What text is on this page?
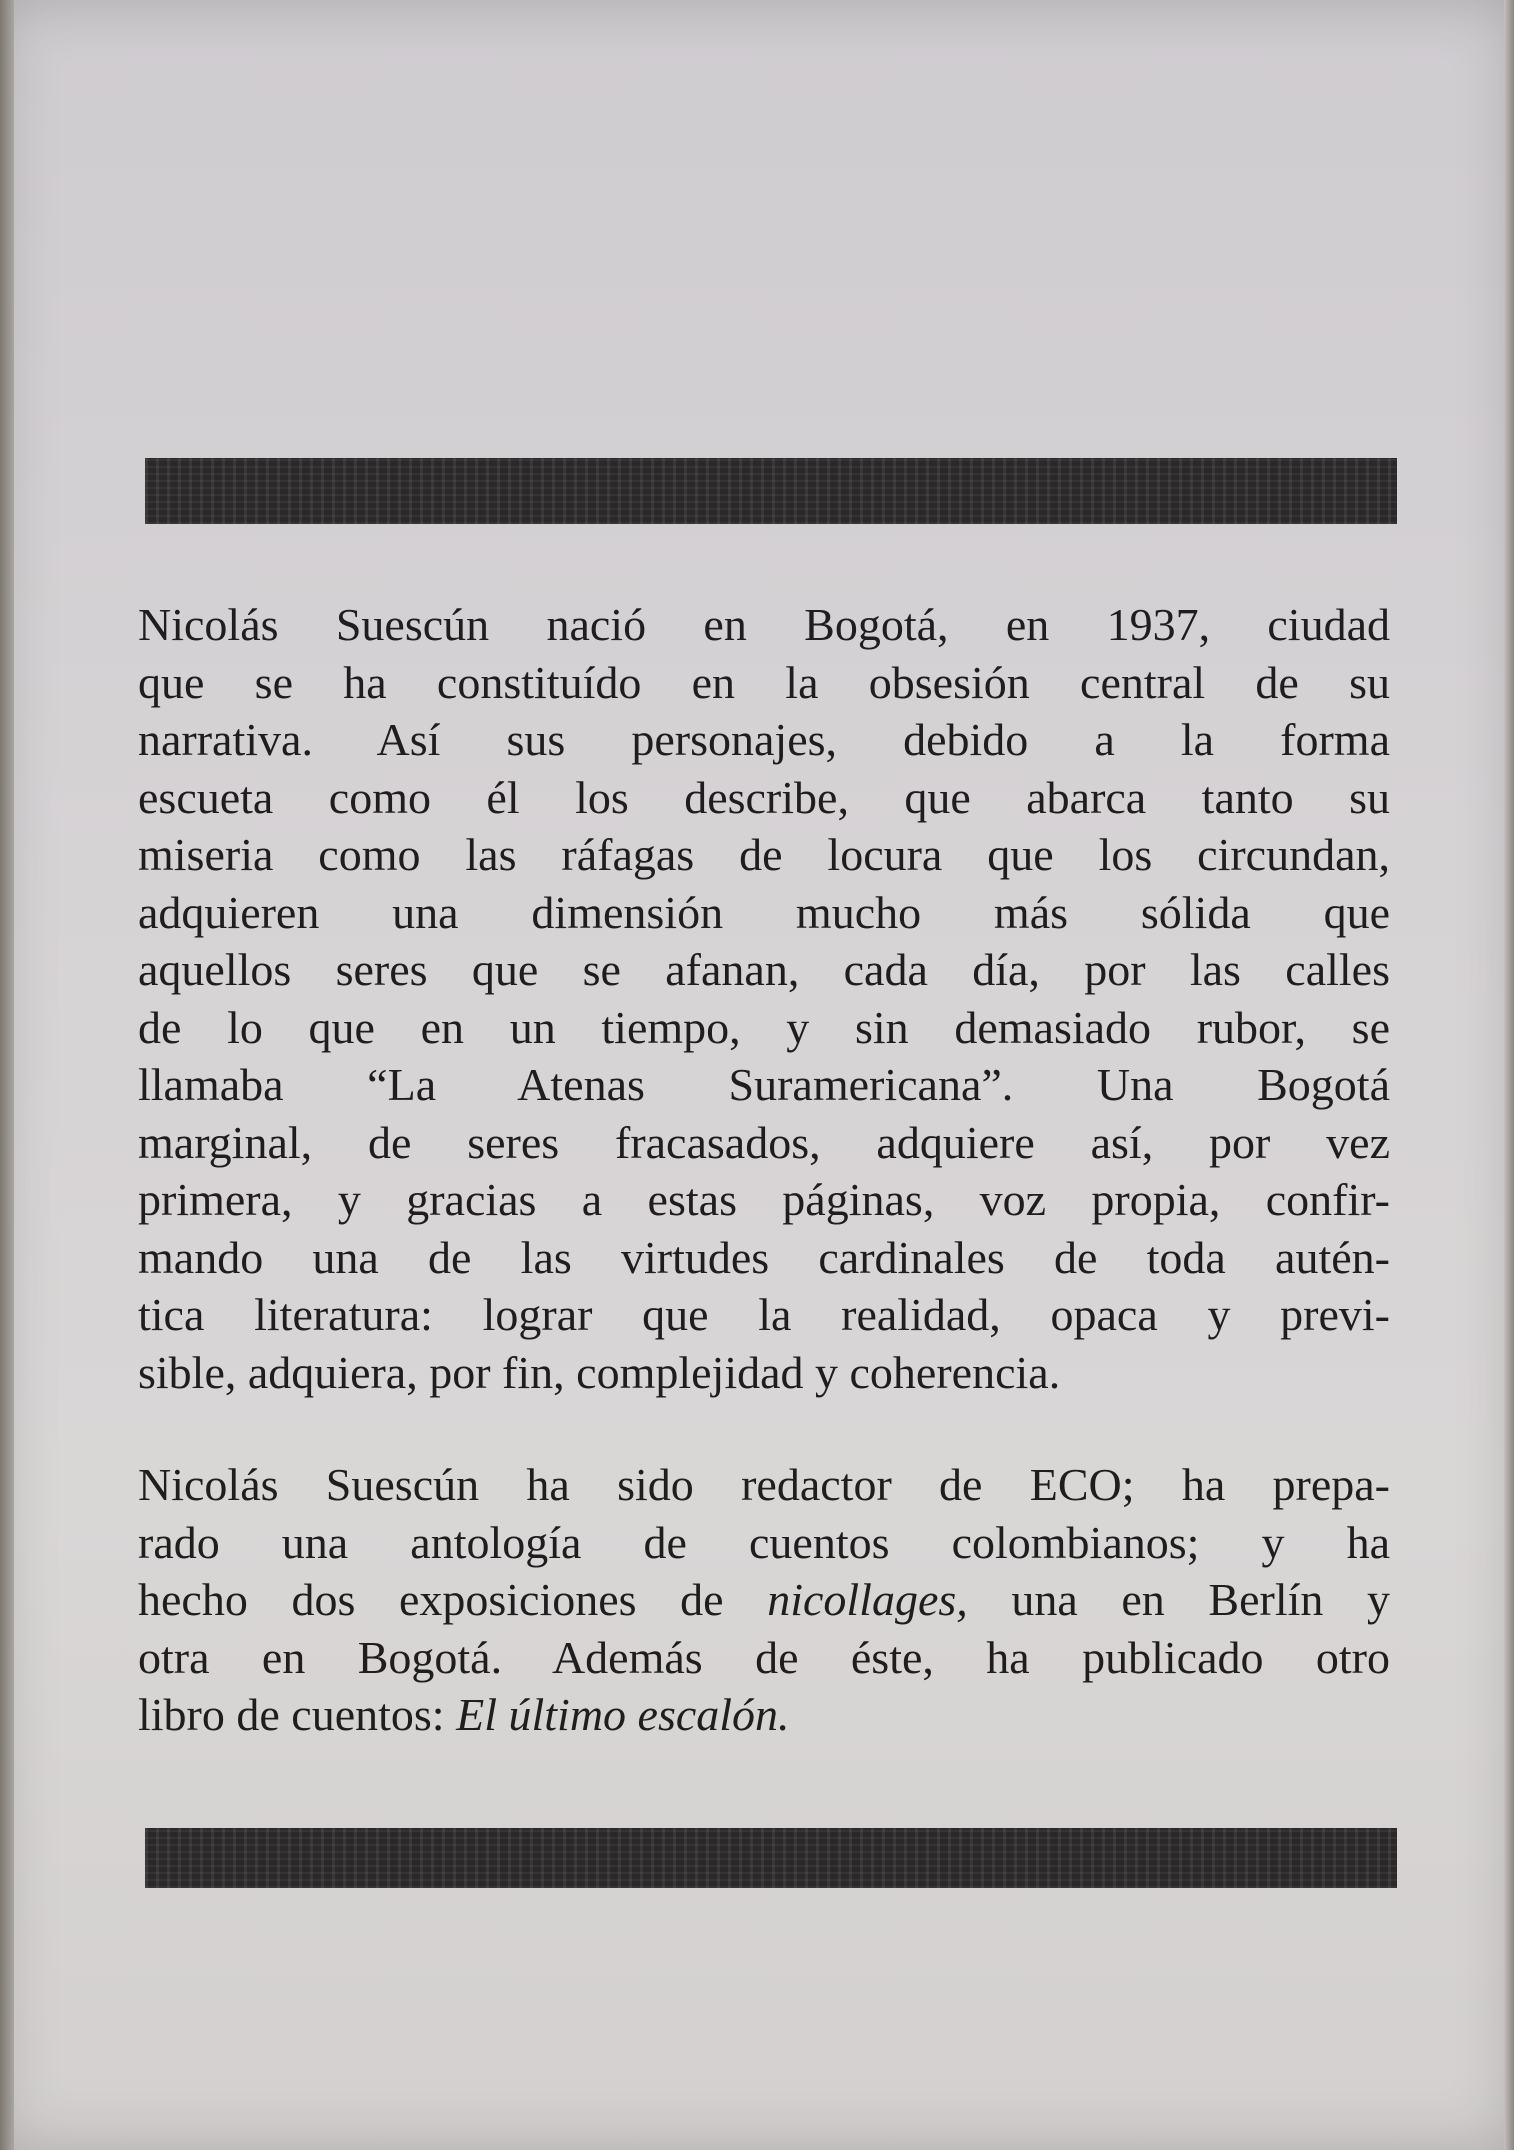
Nicolás Suescún nació en Bogotá, en 1937, ciudad
que se ha constituído en la obsesión central de su
narrativa. Así sus personajes, debido a la forma
escueta como él los describe, que abarca tanto su
miseria como las ráfagas de locura que los circundan,
adquieren una dimensión mucho más sólida que
aquellos seres que se afanan, cada día, por las calles
de lo que en un tiempo, y sin demasiado rubor, se
llamaba “La Atenas Suramericana”. Una Bogotá
marginal, de seres fracasados, adquiere así, por vez
primera, y gracias a estas páginas, voz propia, confir-
mando una de las virtudes cardinales de toda autén-
tica literatura: lograr que la realidad, opaca y previ-
sible, adquiera, por fin, complejidad y coherencia.
Nicolás Suescún ha sido redactor de ECO; ha prepa-
rado una antología de cuentos colombianos; y ha
hecho dos exposiciones de nicollages, una en Berlín y
otra en Bogotá. Además de éste, ha publicado otro
libro de cuentos: El último escalón.
